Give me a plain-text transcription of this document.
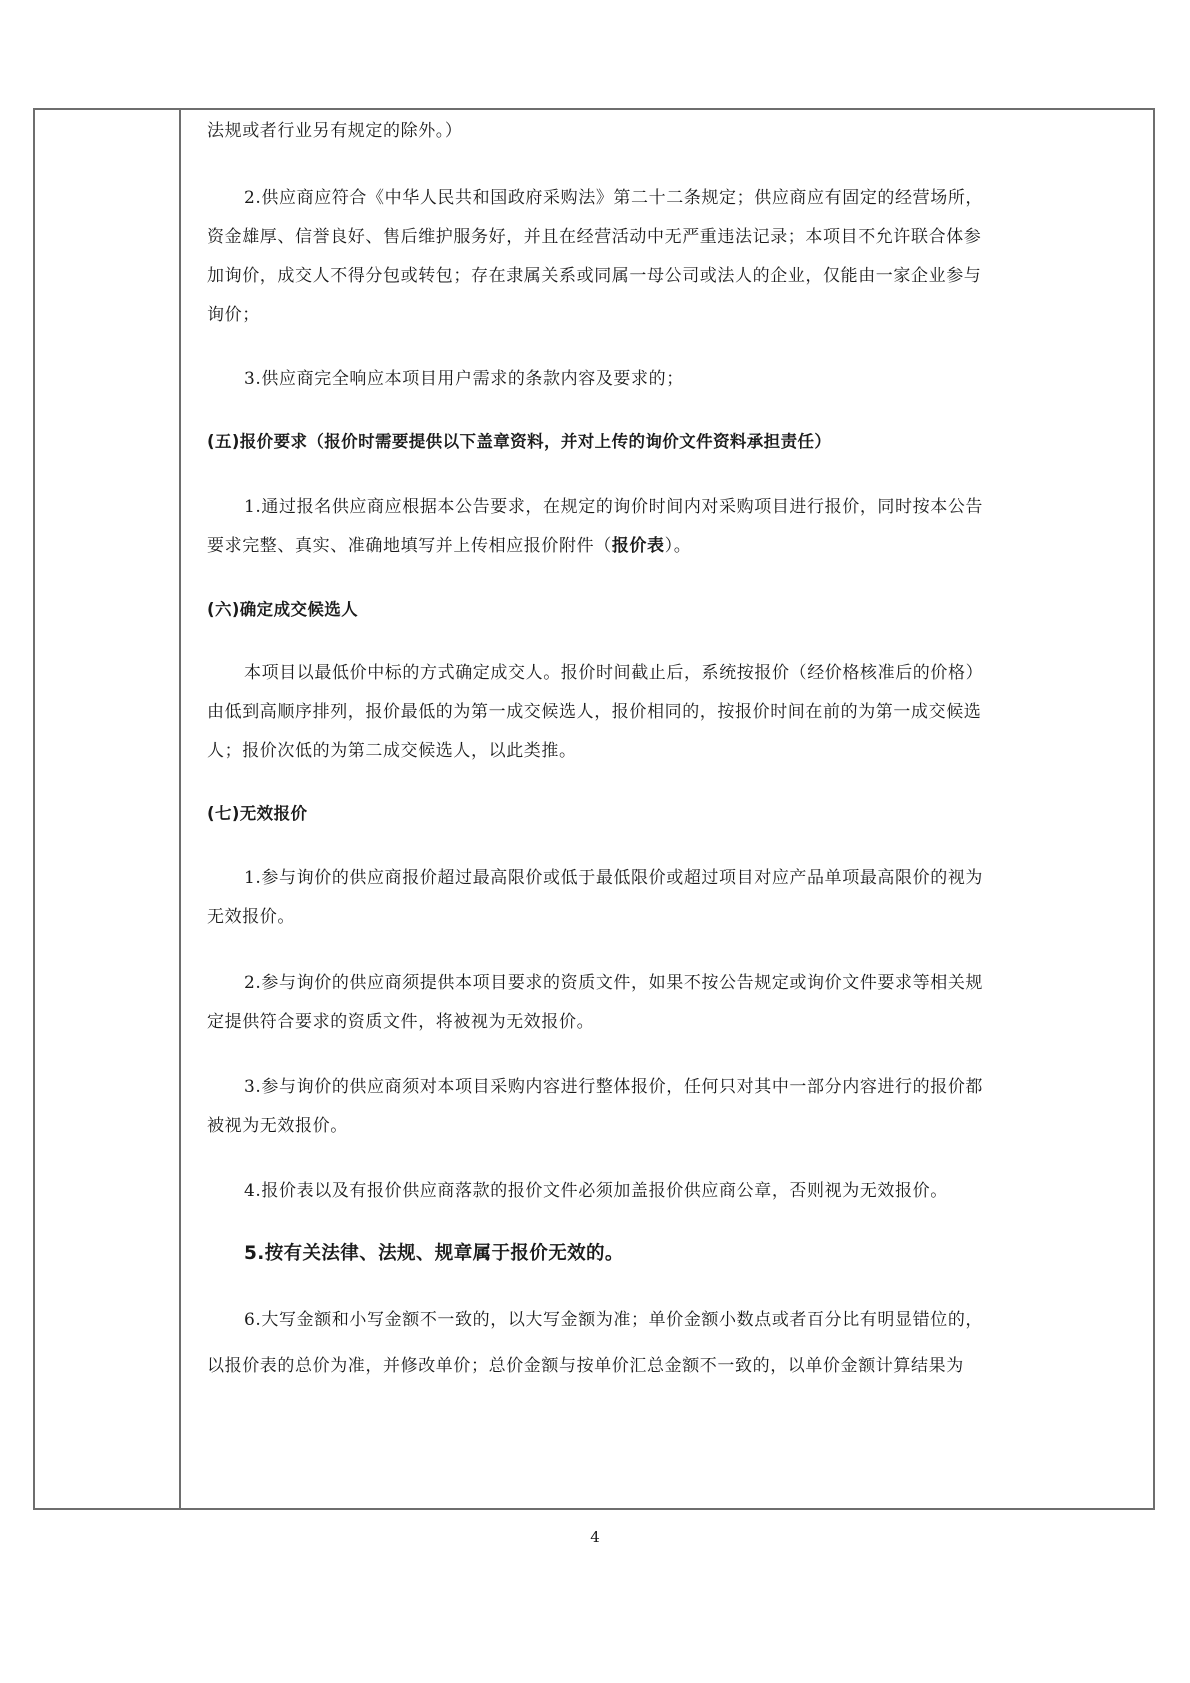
法规或者行业另有规定的除外。）
2.供应商应符合《中华人民共和国政府采购法》第二十二条规定；供应商应有固定的经营场所，
资金雄厚、信誉良好、售后维护服务好，并且在经营活动中无严重违法记录；本项目不允许联合体参
加询价，成交人不得分包或转包；存在隶属关系或同属一母公司或法人的企业，仅能由一家企业参与
询价；
3.供应商完全响应本项目用户需求的条款内容及要求的；
(五)报价要求（报价时需要提供以下盖章资料，并对上传的询价文件资料承担责任）
1.通过报名供应商应根据本公告要求，在规定的询价时间内对采购项目进行报价，同时按本公告
要求完整、真实、准确地填写并上传相应报价附件（报价表）。
(六)确定成交候选人
本项目以最低价中标的方式确定成交人。报价时间截止后，系统按报价（经价格核准后的价格）
由低到高顺序排列，报价最低的为第一成交候选人，报价相同的，按报价时间在前的为第一成交候选
人；报价次低的为第二成交候选人，以此类推。
(七)无效报价
1.参与询价的供应商报价超过最高限价或低于最低限价或超过项目对应产品单项最高限价的视为
无效报价。
2.参与询价的供应商须提供本项目要求的资质文件，如果不按公告规定或询价文件要求等相关规
定提供符合要求的资质文件，将被视为无效报价。
3.参与询价的供应商须对本项目采购内容进行整体报价，任何只对其中一部分内容进行的报价都
被视为无效报价。
4.报价表以及有报价供应商落款的报价文件必须加盖报价供应商公章，否则视为无效报价。
5.按有关法律、法规、规章属于报价无效的。
6.大写金额和小写金额不一致的，以大写金额为准；单价金额小数点或者百分比有明显错位的，
以报价表的总价为准，并修改单价；总价金额与按单价汇总金额不一致的，以单价金额计算结果为
4
